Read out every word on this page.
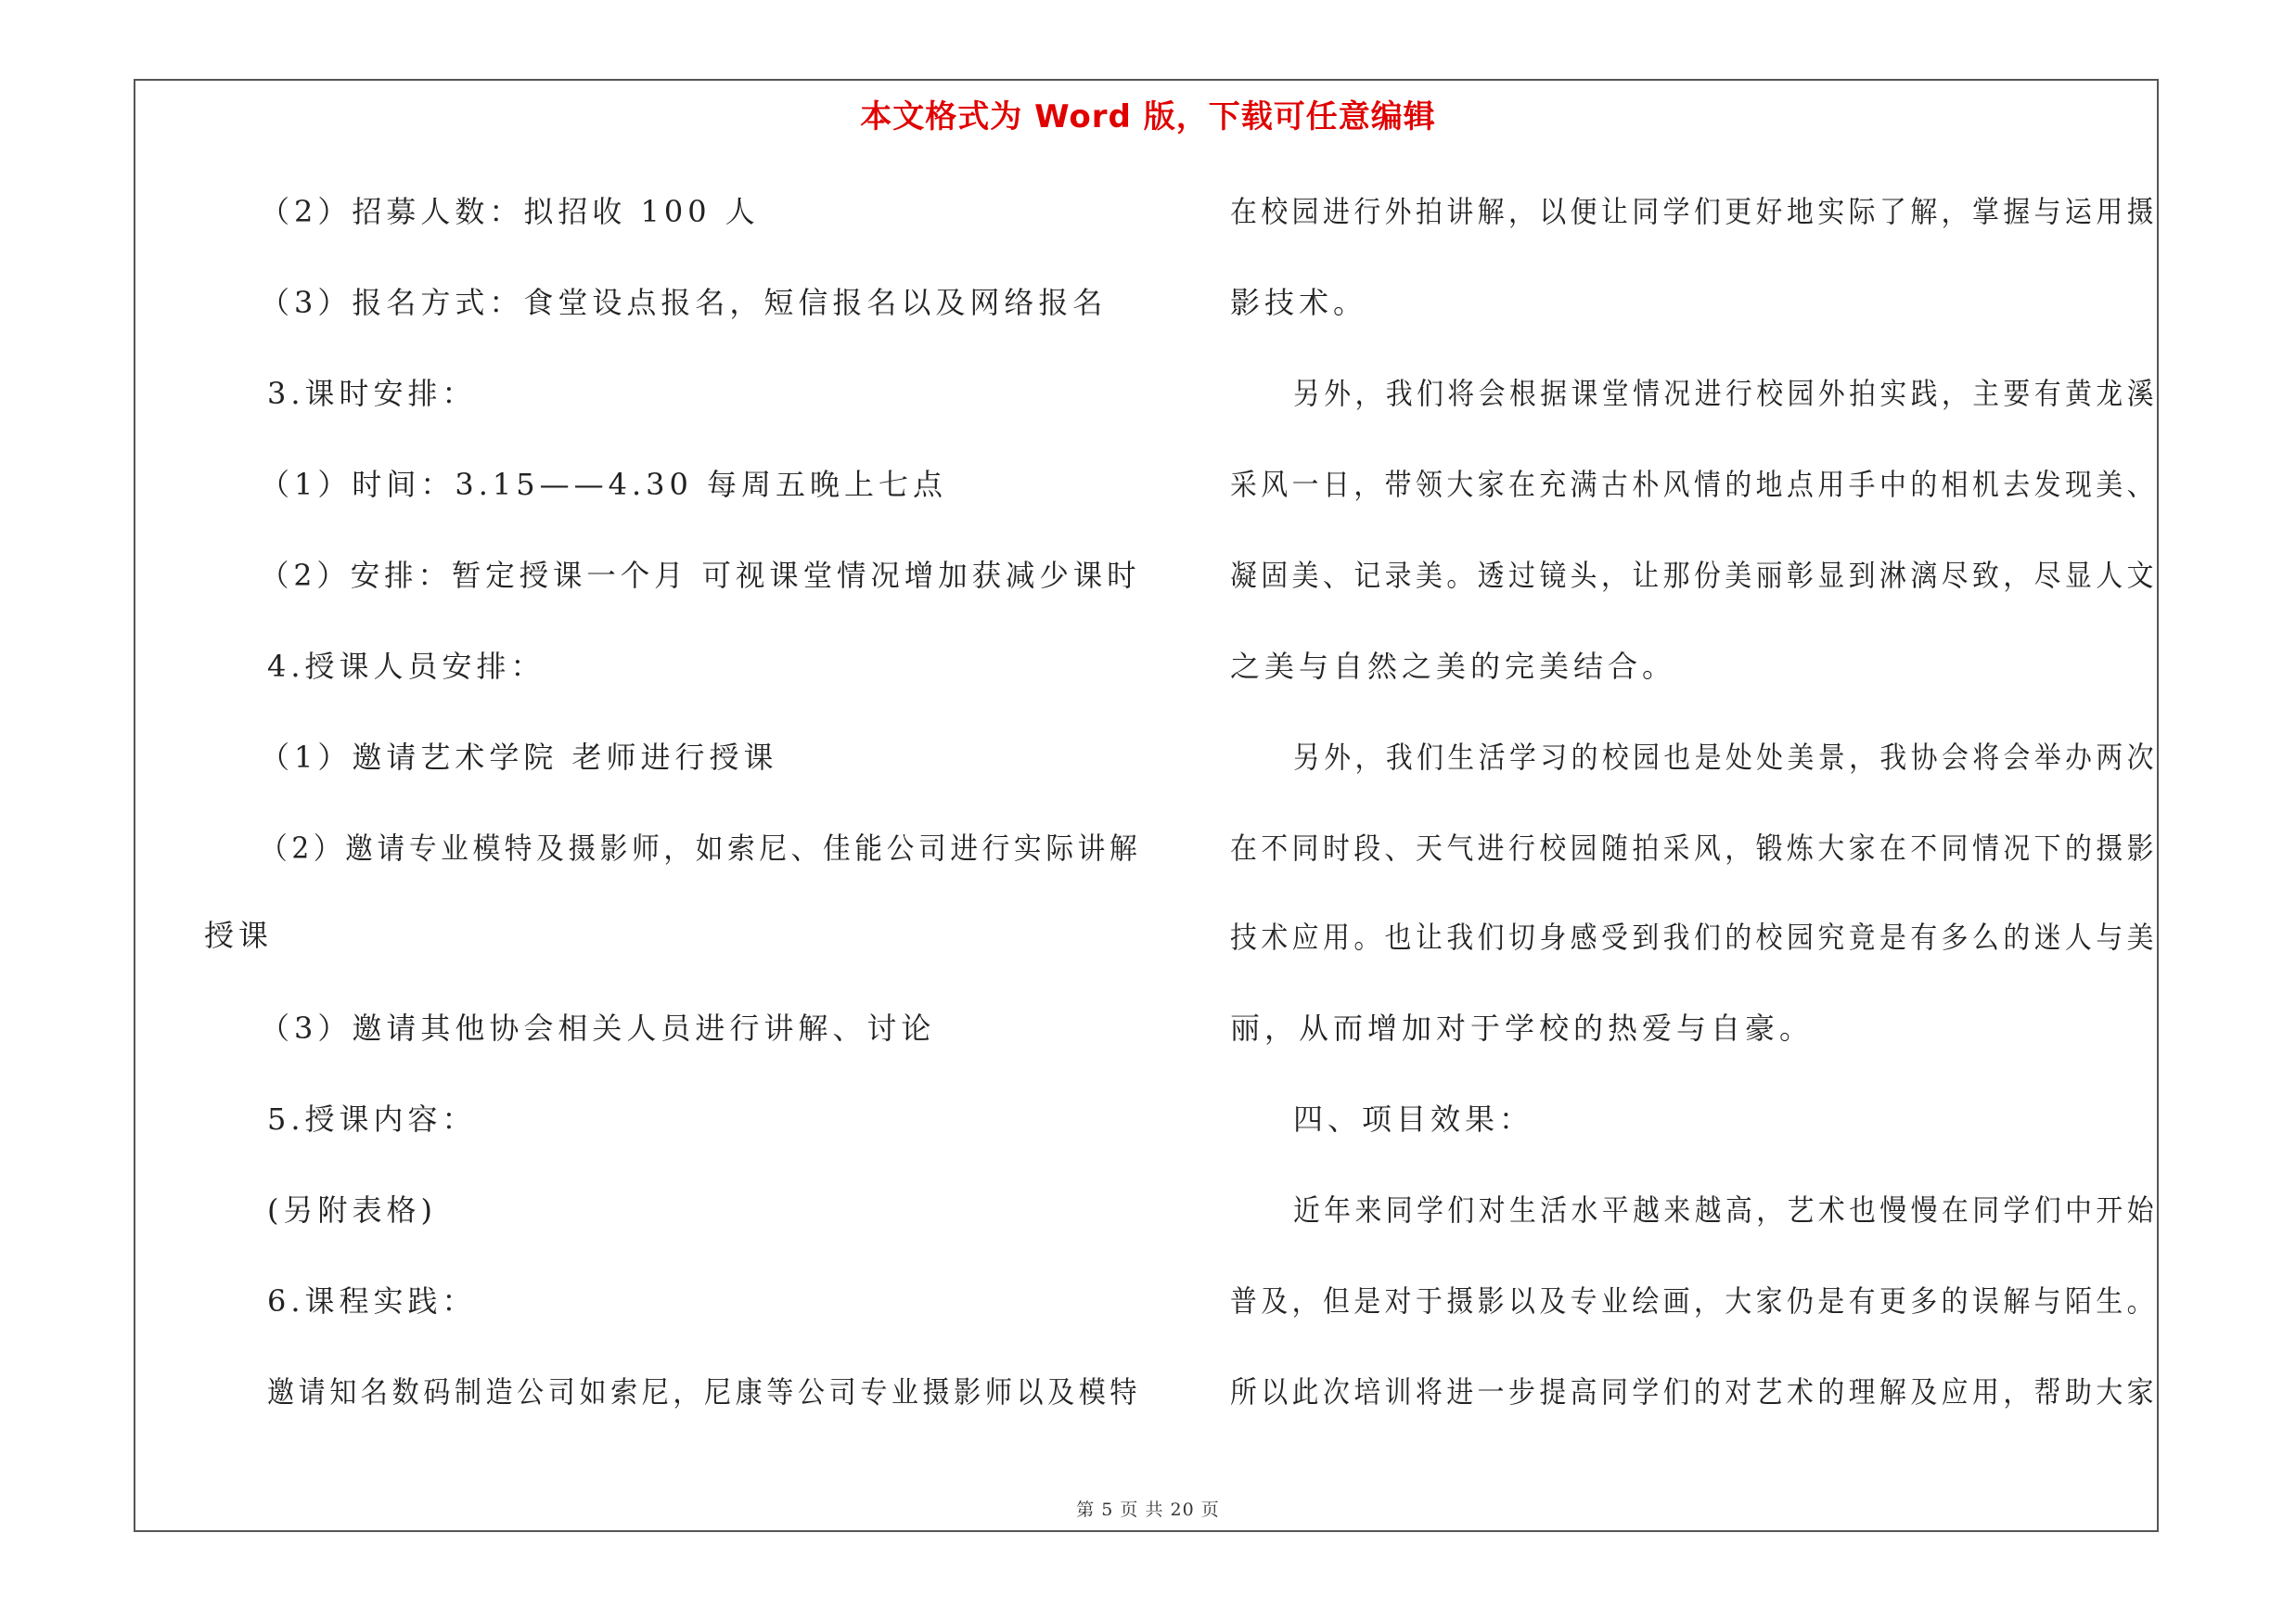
本文格式为 Word 版，下载可任意编辑
（2）招募人数：拟招收 100 人
（3）报名方式：食堂设点报名，短信报名以及网络报名
3.课时安排：
（1）时间：3.15——4.30 每周五晚上七点
（2）安排：暂定授课一个月 可视课堂情况增加获减少课时
4.授课人员安排：
（1）邀请艺术学院 老师进行授课
（2）邀请专业模特及摄影师，如索尼、佳能公司进行实际讲解
授课
（3）邀请其他协会相关人员进行讲解、讨论
5.授课内容：
(另附表格)
6.课程实践：
邀请知名数码制造公司如索尼，尼康等公司专业摄影师以及模特
在校园进行外拍讲解，以便让同学们更好地实际了解，掌握与运用摄
影技术。
另外，我们将会根据课堂情况进行校园外拍实践，主要有黄龙溪
采风一日，带领大家在充满古朴风情的地点用手中的相机去发现美、
凝固美、记录美。透过镜头，让那份美丽彰显到淋漓尽致，尽显人文
之美与自然之美的完美结合。
另外，我们生活学习的校园也是处处美景，我协会将会举办两次
在不同时段、天气进行校园随拍采风，锻炼大家在不同情况下的摄影
技术应用。也让我们切身感受到我们的校园究竟是有多么的迷人与美
丽，从而增加对于学校的热爱与自豪。
四、项目效果：
近年来同学们对生活水平越来越高，艺术也慢慢在同学们中开始
普及，但是对于摄影以及专业绘画，大家仍是有更多的误解与陌生。
所以此次培训将进一步提高同学们的对艺术的理解及应用，帮助大家
第 5 页 共 20 页
